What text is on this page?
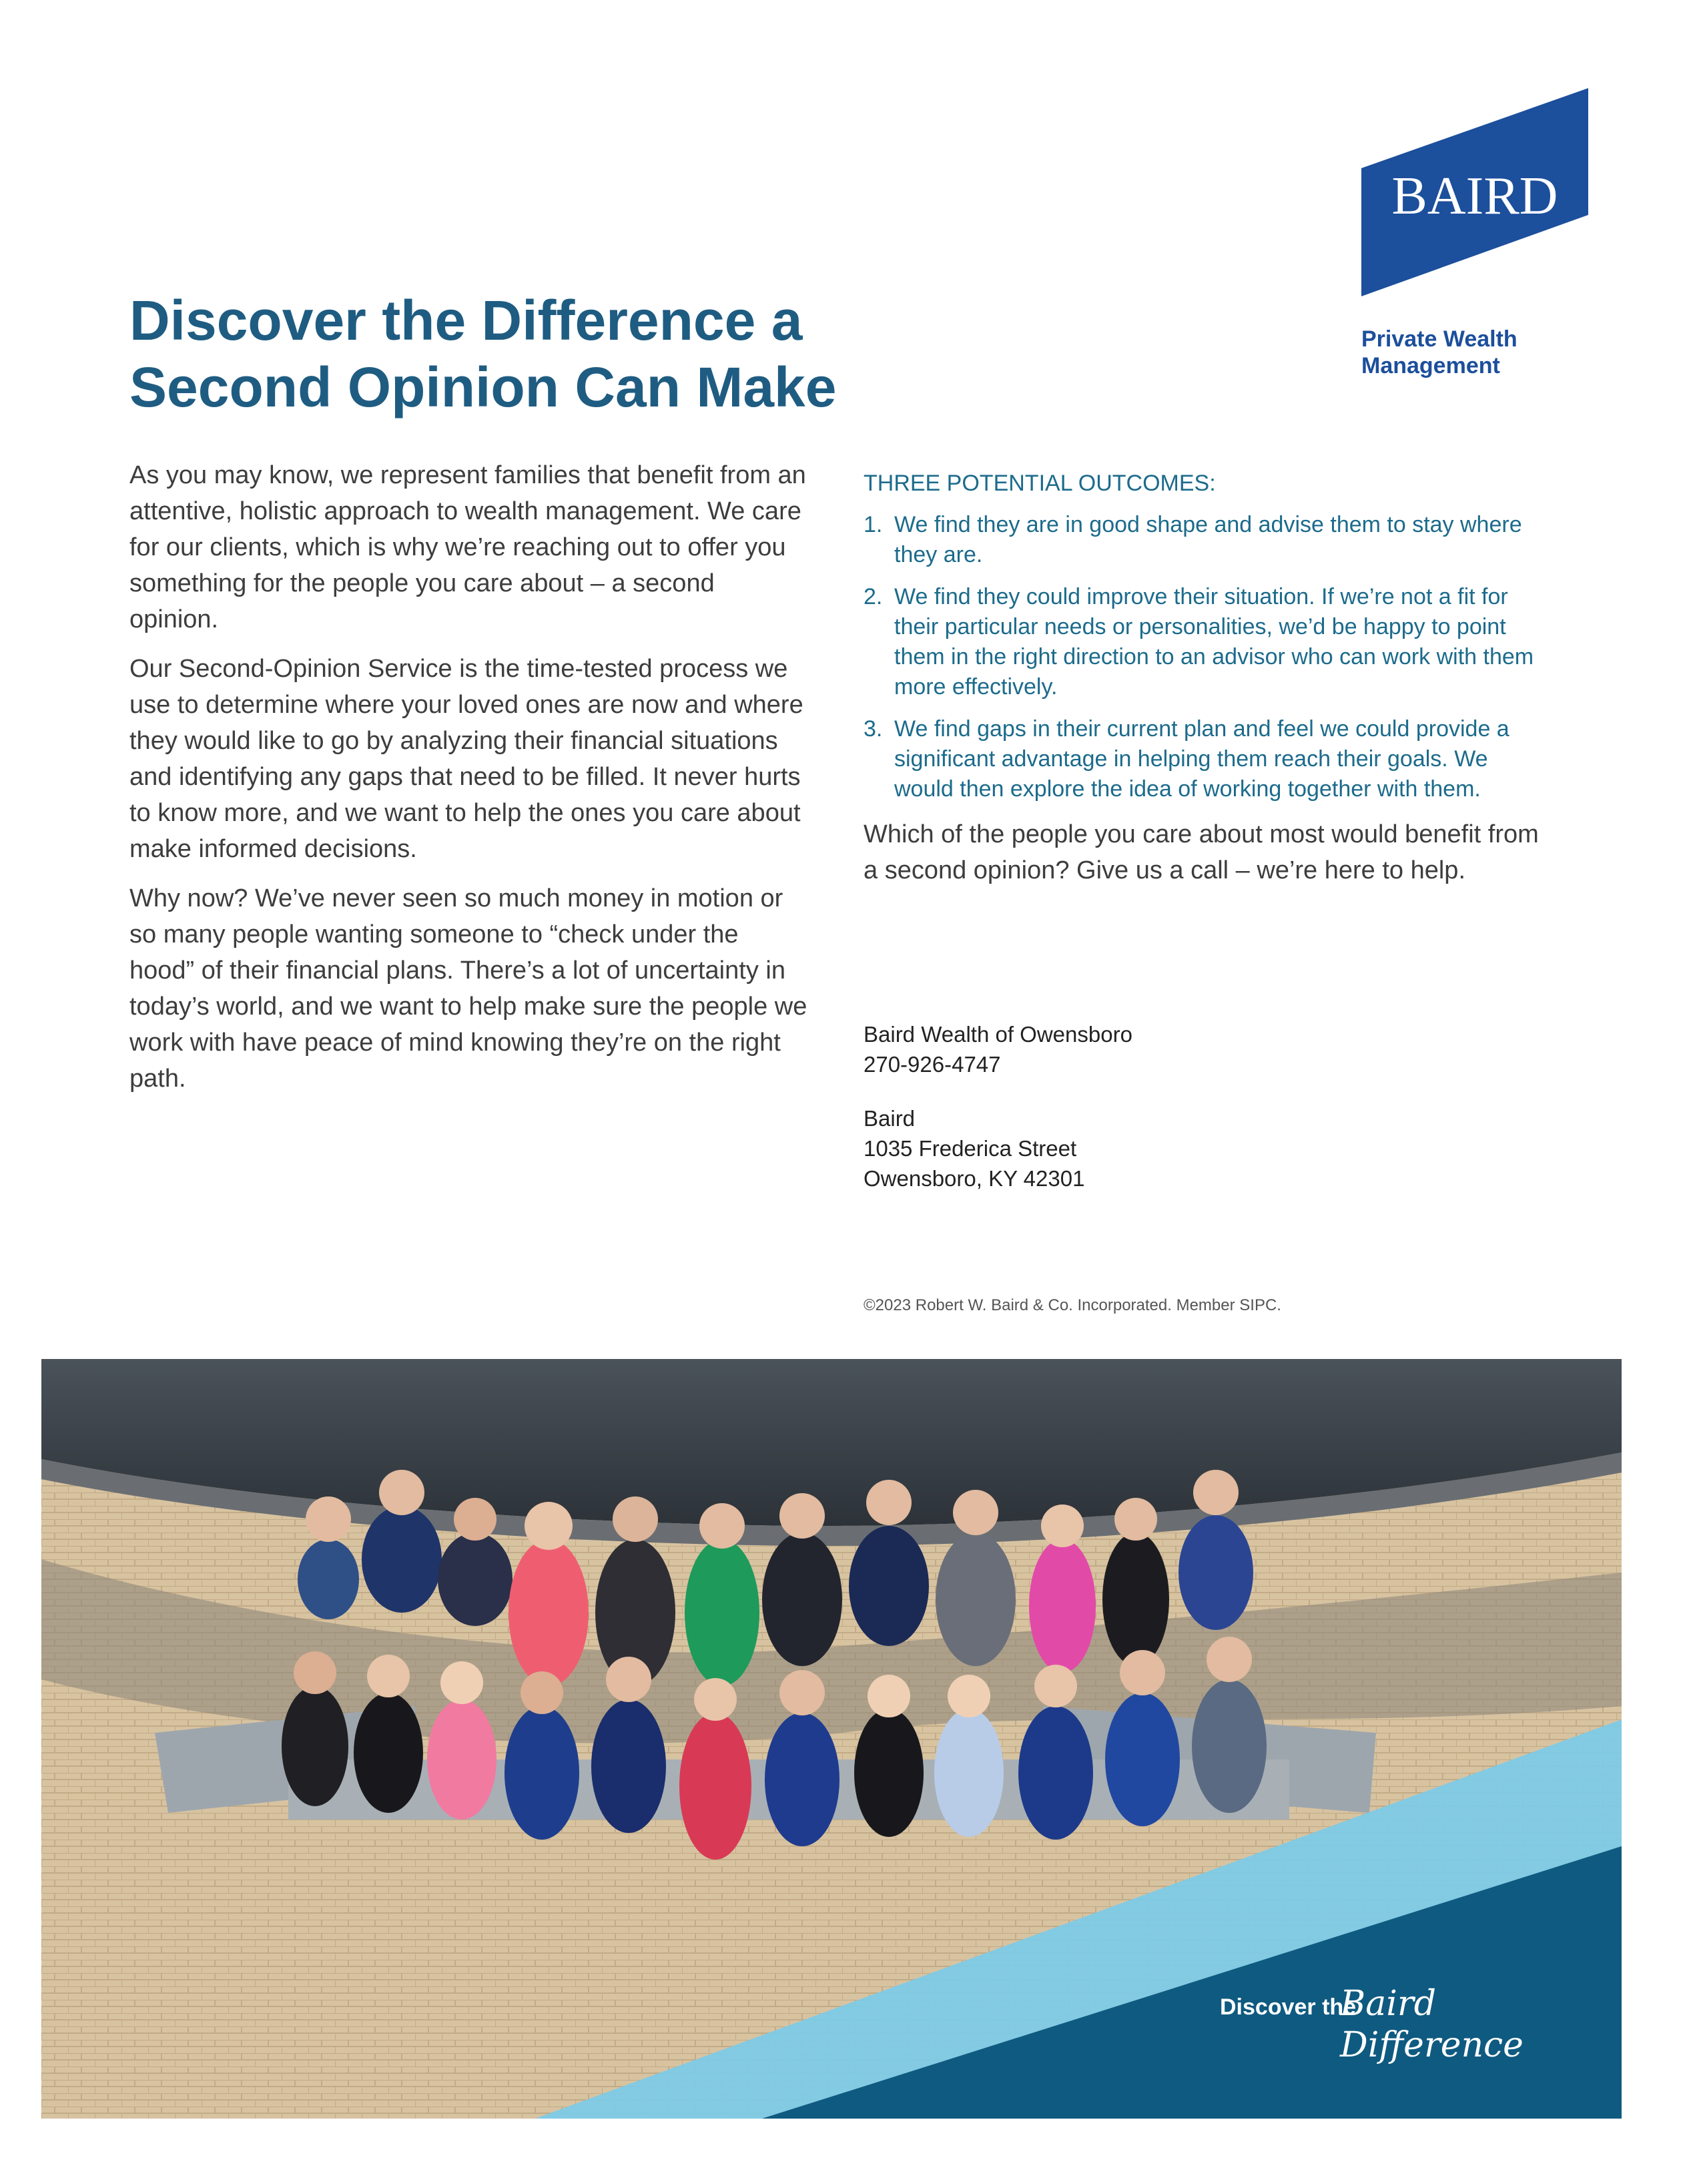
BAIRD
Private Wealth Management
Discover the Difference a Second Opinion Can Make

As you may know, we represent families that benefit from an attentive, holistic approach to wealth management. We care for our clients, which is why we’re reaching out to offer you something for the people you care about – a second opinion.

Our Second-Opinion Service is the time-tested process we use to determine where your loved ones are now and where they would like to go by analyzing their financial situations and identifying any gaps that need to be filled. It never hurts to know more, and we want to help the ones you care about make informed decisions.

Why now? We’ve never seen so much money in motion or so many people wanting someone to “check under the hood” of their financial plans. There’s a lot of uncertainty in today’s world, and we want to help make sure the people we work with have peace of mind knowing they’re on the right path.

THREE POTENTIAL OUTCOMES:
1. We find they are in good shape and advise them to stay where they are.
2. We find they could improve their situation. If we’re not a fit for their particular needs or personalities, we’d be happy to point them in the right direction to an advisor who can work with them more effectively.
3. We find gaps in their current plan and feel we could provide a significant advantage in helping them reach their goals. We would then explore the idea of working together with them.

Which of the people you care about most would benefit from a second opinion? Give us a call – we’re here to help.

Baird Wealth of Owensboro
270-926-4747
Baird
1035 Frederica Street
Owensboro, KY 42301
©2023 Robert W. Baird & Co. Incorporated. Member SIPC.
Discover the
Baird Difference
